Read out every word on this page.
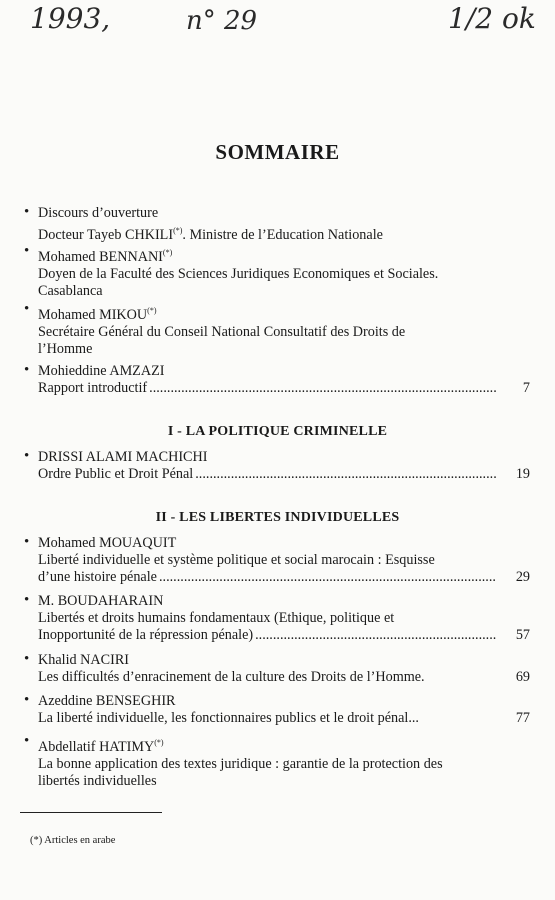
1993,	n° 29	1/2 ok
SOMMAIRE
• Discours d’ouverture
Docteur Tayeb CHKILI(*). Ministre de l’Education Nationale
• Mohamed BENNANI(*)
Doyen de la Faculté des Sciences Juridiques Economiques et Sociales.
Casablanca
• Mohamed MIKOU(*)
Secrétaire Général du Conseil National Consultatif des Droits de
l’Homme
• Mohieddine AMZAZI
Rapport introductif .....	7
I - LA POLITIQUE CRIMINELLE
• DRISSI ALAMI MACHICHI
Ordre Public et Droit Pénal .....	19
II - LES LIBERTES INDIVIDUELLES
• Mohamed MOUAQUIT
Liberté individuelle et système politique et social marocain : Esquisse
d’une histoire pénale .....	29
• M. BOUDAHARAIN
Libertés et droits humains fondamentaux (Ethique, politique et
Inopportunité de la répression pénale) .....	57
• Khalid NACIRI
Les difficultés d’enracinement de la culture des Droits de l’Homme.	69
• Azeddine BENSEGHIR
La liberté individuelle, les fonctionnaires publics et le droit pénal...	77
• Abdellatif HATIMY(*)
La bonne application des textes juridique : garantie de la protection des
libertés individuelles
(*) Articles en arabe
